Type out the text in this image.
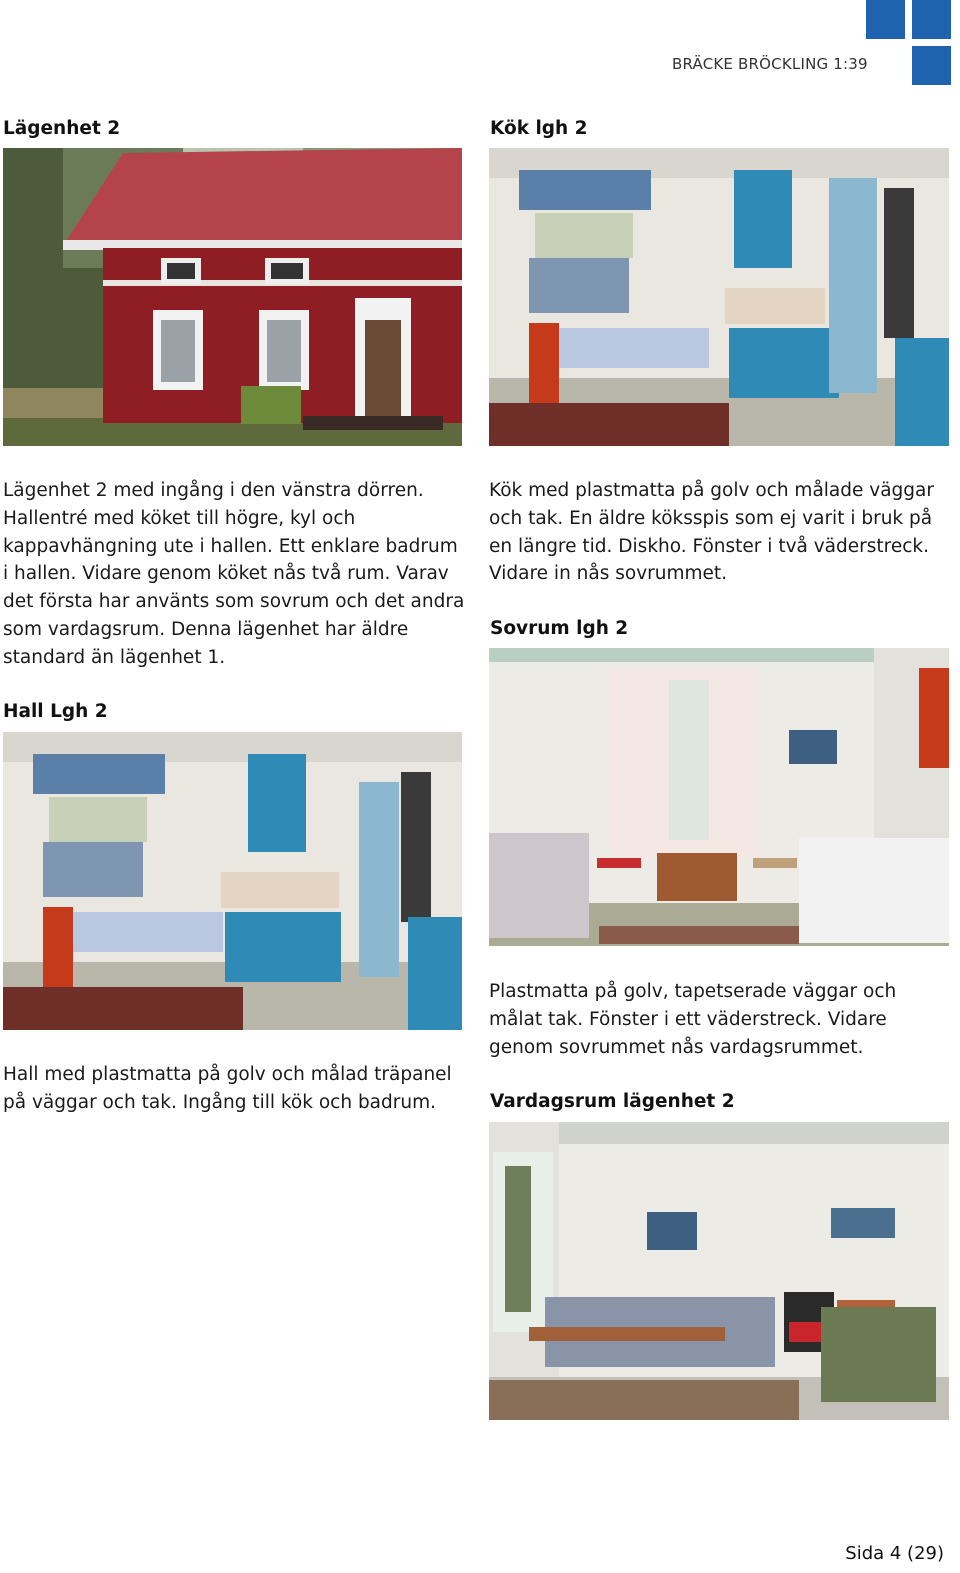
BRÄCKE BRÖCKLING 1:39
Lägenhet 2
Lägenhet 2 med ingång i den vänstra dörren. Hallentré med köket till högre, kyl och kappavhängning ute i hallen. Ett enklare badrum i hallen. Vidare genom köket nås två rum. Varav det första har använts som sovrum och det andra som vardagsrum. Denna lägenhet har äldre standard än lägenhet 1.
Kök lgh 2
Kök med plastmatta på golv och målade väggar och tak. En äldre köksspis som ej varit i bruk på en längre tid. Diskho. Fönster i två väderstreck. Vidare in nås sovrummet.
Sovrum lgh 2
Plastmatta på golv, tapetserade väggar och målat tak. Fönster i ett väderstreck. Vidare genom sovrummet nås vardagsrummet.
Hall Lgh 2
Hall med plastmatta på golv och målad träpanel på väggar och tak. Ingång till kök och badrum.	Vardagsrum lägenhet 2
Sida 4 (29)
